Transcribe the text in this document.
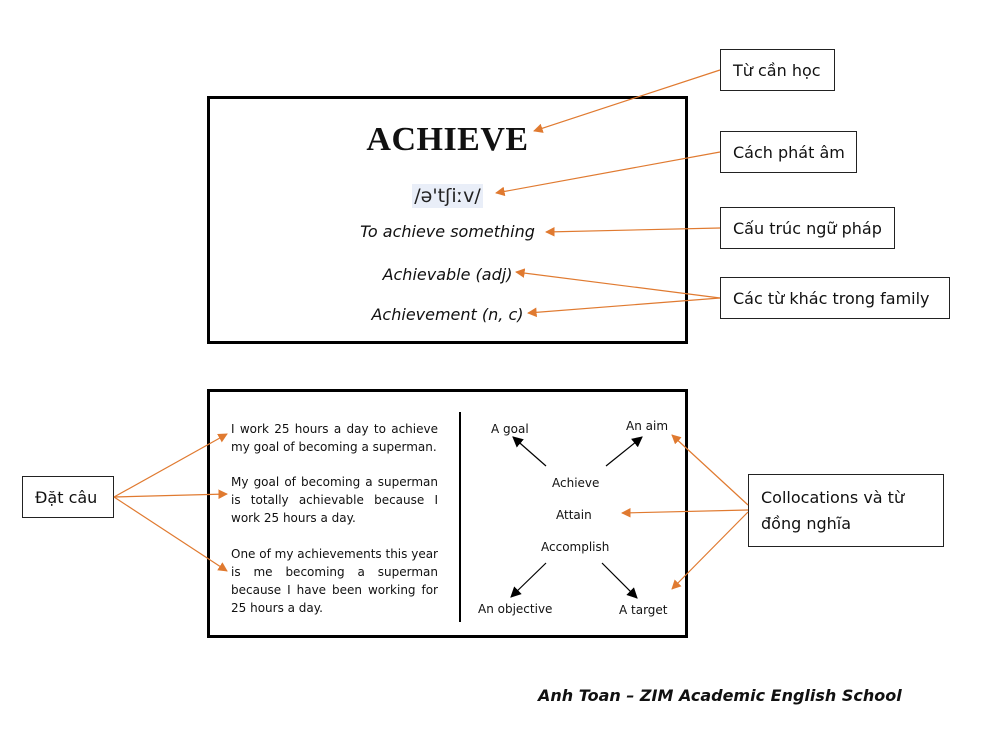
ACHIEVE
/ə'tʃiːv/
To achieve something
Achievable (adj)
Achievement (n, c)
Từ cần học
Cách phát âm
Cấu trúc ngữ pháp
Các từ khác trong family
I work 25 hours a day to achieve my goal of becoming a superman.
My goal of becoming a superman is totally achievable because I work 25 hours a day.
One of my achievements this year is me becoming a superman because I have been working for 25 hours a day.
A goal	An aim
Achieve
Attain
Accomplish
An objective	A target
Đặt câu	Collocations và từ đồng nghĩa
Anh Toan – ZIM Academic English School
